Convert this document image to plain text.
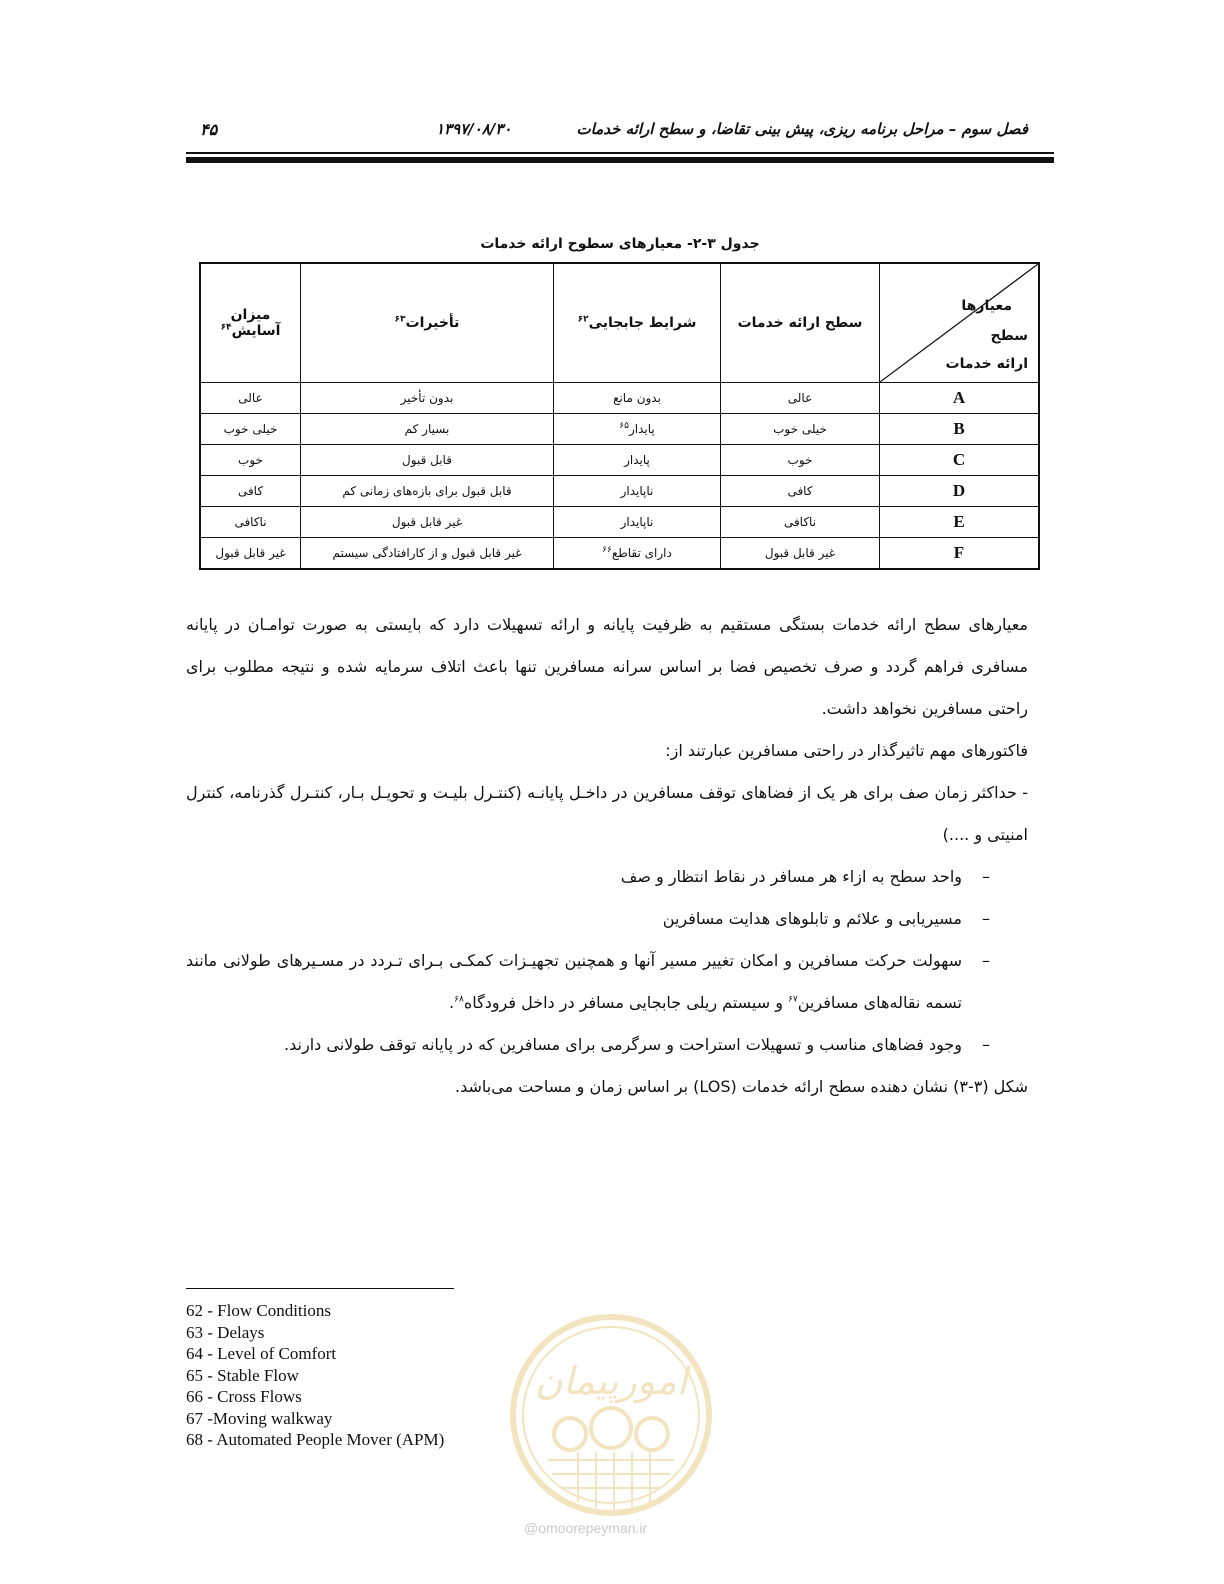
فصل سوم – مراحل برنامه ریزی، پیش بینی تقاضا، و سطح ارائه خدمات
۱۳۹۷/۰۸/۳۰
۴۵
جدول ۳-۲- معیارهای سطوح ارائه خدمات
معیارها
سطح
ارائه خدمات	سطح ارائه خدمات	شرایط جابجایی$^{۶۲}$	تأخیرات$^{۶۳}$	میزان آسایش$^{۶۴}$
A	عالی	بدون مانع	بدون تأخیر	عالی
B	خیلی خوب	پایدار$^{۶۵}$	بسیار کم	خیلی خوب
C	خوب	پایدار	قابل قبول	خوب
D	کافی	ناپایدار	قابل قبول برای بازه‌های زمانی کم	کافی
E	ناکافی	ناپایدار	غیر قابل قبول	ناکافی
F	غیر قابل قبول	دارای تقاطع$^{۶۶}$	غیر قابل قبول و از کارافتادگی سیستم	غیر قابل قبول

معیارهای سطح ارائه خدمات بستگی مستقیم به ظرفیت پایانه و ارائه تسهیلات دارد که بایستی به صورت توامـان در پایانه مسافری فراهم گردد و صرف تخصیص فضا بر اساس سرانه مسافرین تنها باعث اتلاف سرمایه شده و نتیجه مطلوب برای راحتی مسافرین نخواهد داشت.

فاکتورهای مهم تاثیرگذار در راحتی مسافرین عبارتند از:

- حداکثر زمان صف برای هر یک از فضاهای توقف مسافرین در داخـل پایانـه (کنتـرل بلیـت و تحویـل بـار، کنتـرل گذرنامه، کنترل امنیتی و ....)

–
واحد سطح به ازاء هر مسافر در نقاط انتظار و صف
–
مسیریابی و علائم و تابلوهای هدایت مسافرین
–
سهولت حرکت مسافرین و امکان تغییر مسیر آنها و همچنین تجهیـزات کمکـی بـرای تـردد در مسـیرهای طولانی مانند تسمه نقاله‌های مسافرین$^{۶۷}$ و سیستم ریلی جابجایی مسافر در داخل فرودگاه$^{۶۸}$.
–
وجود فضاهای مناسب و تسهیلات استراحت و سرگرمی برای مسافرین که در پایانه توقف طولانی دارند.

شکل (۳-۳) نشان دهنده سطح ارائه خدمات (LOS) بر اساس زمان و مساحت می‌باشد.

62 - Flow Conditions
63 - Delays
64 - Level of Comfort
65 - Stable Flow
66 - Cross Flows
67 -Moving walkway
68 - Automated People Mover (APM)
امورپیمان
@omoorepeyman.ir
